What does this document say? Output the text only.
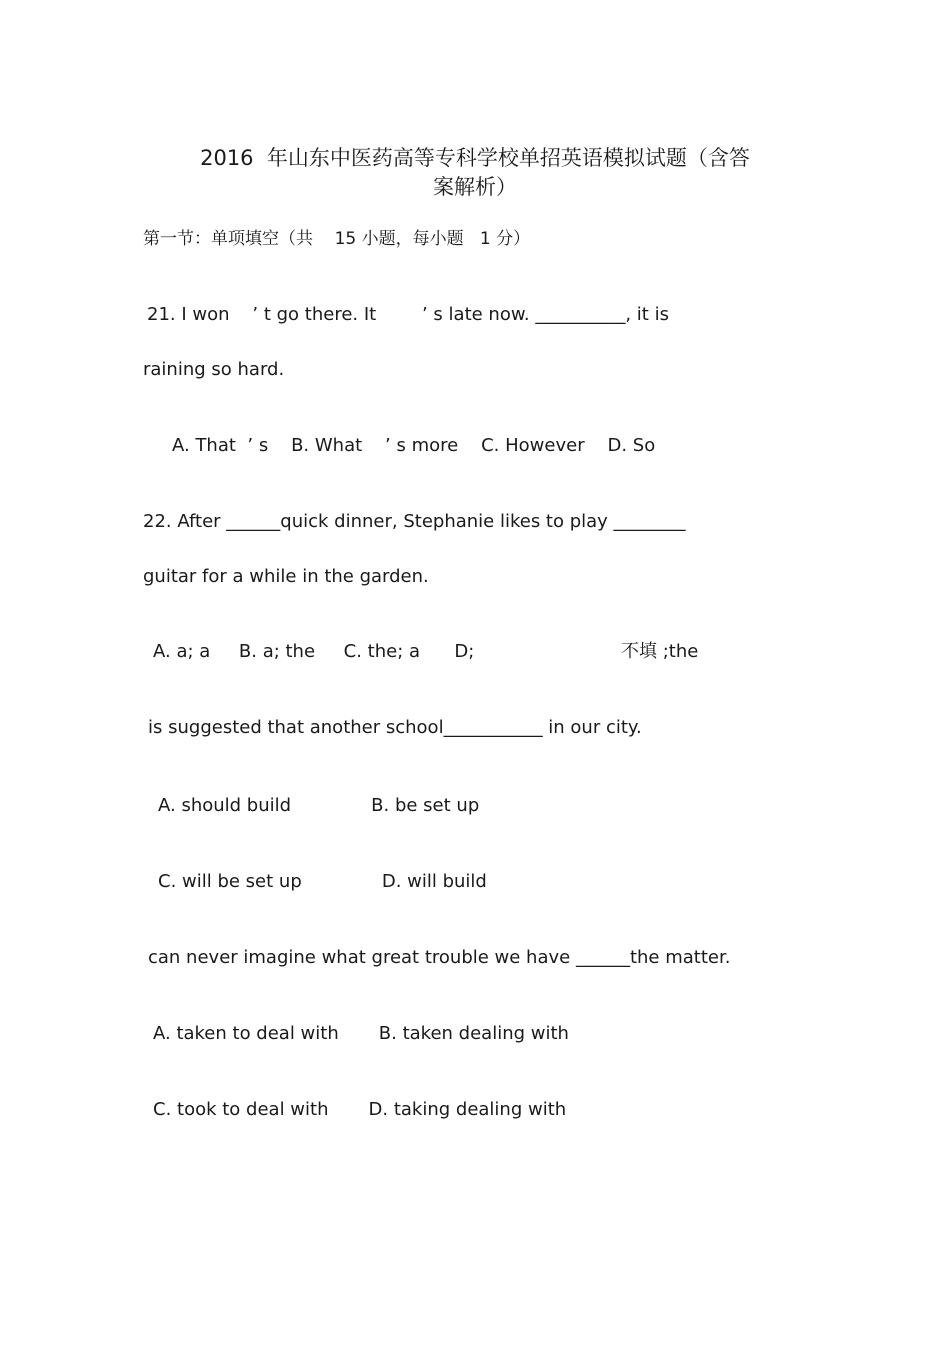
2016  年山东中医药高等专科学校单招英语模拟试题（含答
案解析）
第一节：单项填空（共    15 小题，每小题   1 分）
21. I won    ’ t go there. It        ’ s late now. __________, it is
raining so hard.
A. That  ’ s    B. What    ’ s more    C. However    D. So
22. After ______quick dinner, Stephanie likes to play ________
guitar for a while in the garden.
A. a; a     B. a; the     C. the; a      D;	不填 ;the
is suggested that another school___________ in our city.
A. should build              B. be set up
C. will be set up              D. will build
can never imagine what great trouble we have ______the matter.
A. taken to deal with       B. taken dealing with
C. took to deal with       D. taking dealing with
